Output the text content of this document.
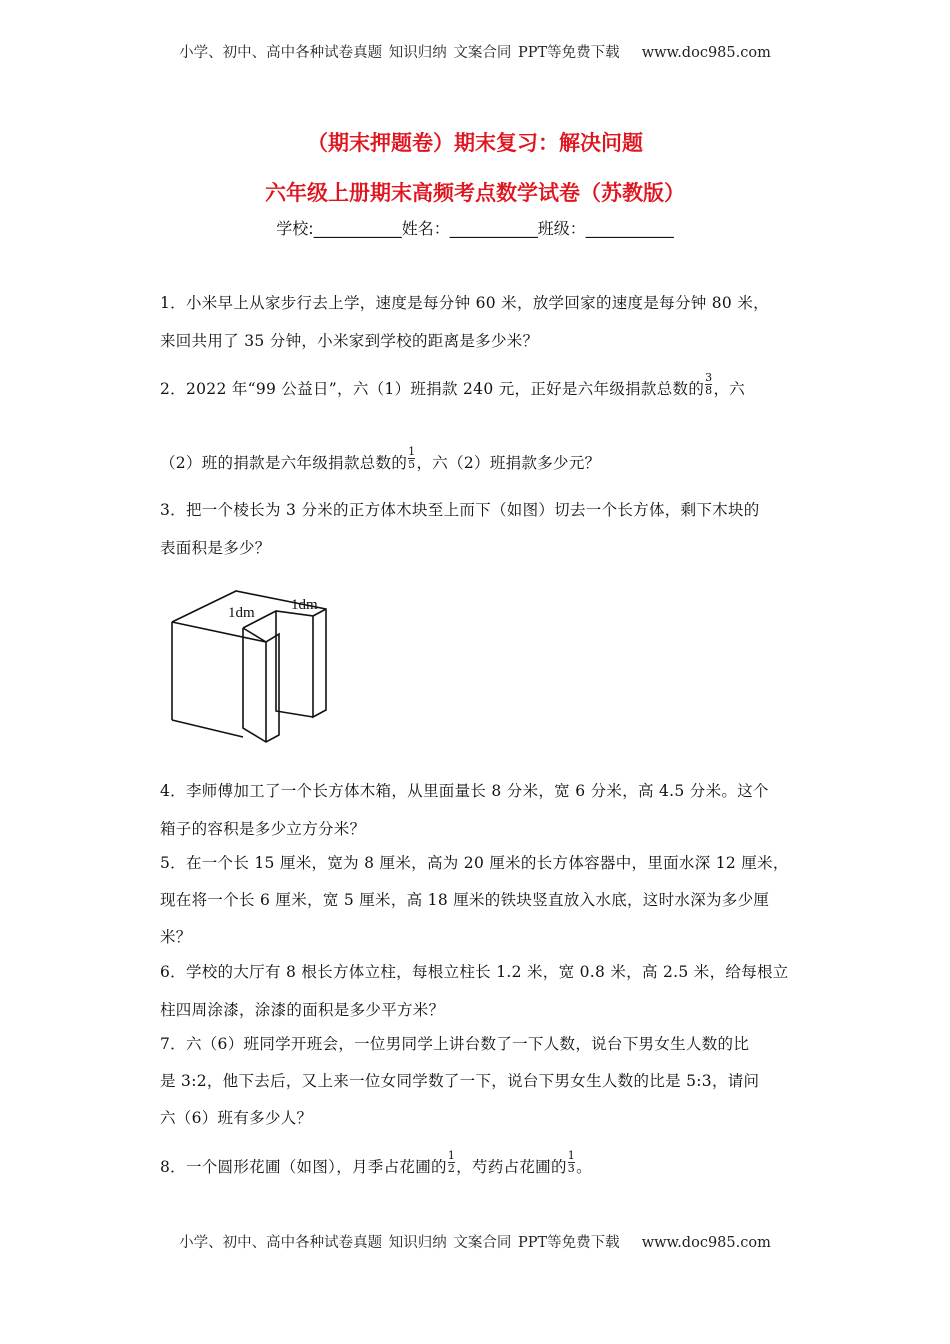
小学、初中、高中各种试卷真题 知识归纳 文案合同 PPT等免费下载 www.doc985.com
（期末押题卷）期末复习：解决问题
六年级上册期末高频考点数学试卷（苏教版）
学校:___________姓名：___________班级：___________
1．小米早上从家步行去上学，速度是每分钟 60 米，放学回家的速度是每分钟 80 米，
来回共用了 35 分钟，小米家到学校的距离是多少米？
2．2022 年“99 公益日”，六（1）班捐款 240 元，正好是六年级捐款总数的 $\frac{3}{8}$ ，六
（2）班的捐款是六年级捐款总数的 $\frac{1}{5}$ ，六（2）班捐款多少元？
3．把一个棱长为 3 分米的正方体木块至上而下（如图）切去一个长方体，剩下木块的
表面积是多少？
1dm 1dm
4．李师傅加工了一个长方体木箱，从里面量长 8 分米，宽 6 分米，高 4.5 分米。这个
箱子的容积是多少立方分米？
5．在一个长 15 厘米，宽为 8 厘米，高为 20 厘米的长方体容器中，里面水深 12 厘米，
现在将一个长 6 厘米，宽 5 厘米，高 18 厘米的铁块竖直放入水底，这时水深为多少厘
米？
6．学校的大厅有 8 根长方体立柱，每根立柱长 1.2 米，宽 0.8 米，高 2.5 米，给每根立
柱四周涂漆，涂漆的面积是多少平方米？
7．六（6）班同学开班会，一位男同学上讲台数了一下人数，说台下男女生人数的比
是 3:2，他下去后，又上来一位女同学数了一下，说台下男女生人数的比是 5:3，请问
六（6）班有多少人？
8．一个圆形花圃（如图），月季占花圃的 $\frac{1}{2}$ ，芍药占花圃的 $\frac{1}{3}$ 。
小学、初中、高中各种试卷真题 知识归纳 文案合同 PPT等免费下载 www.doc985.com
